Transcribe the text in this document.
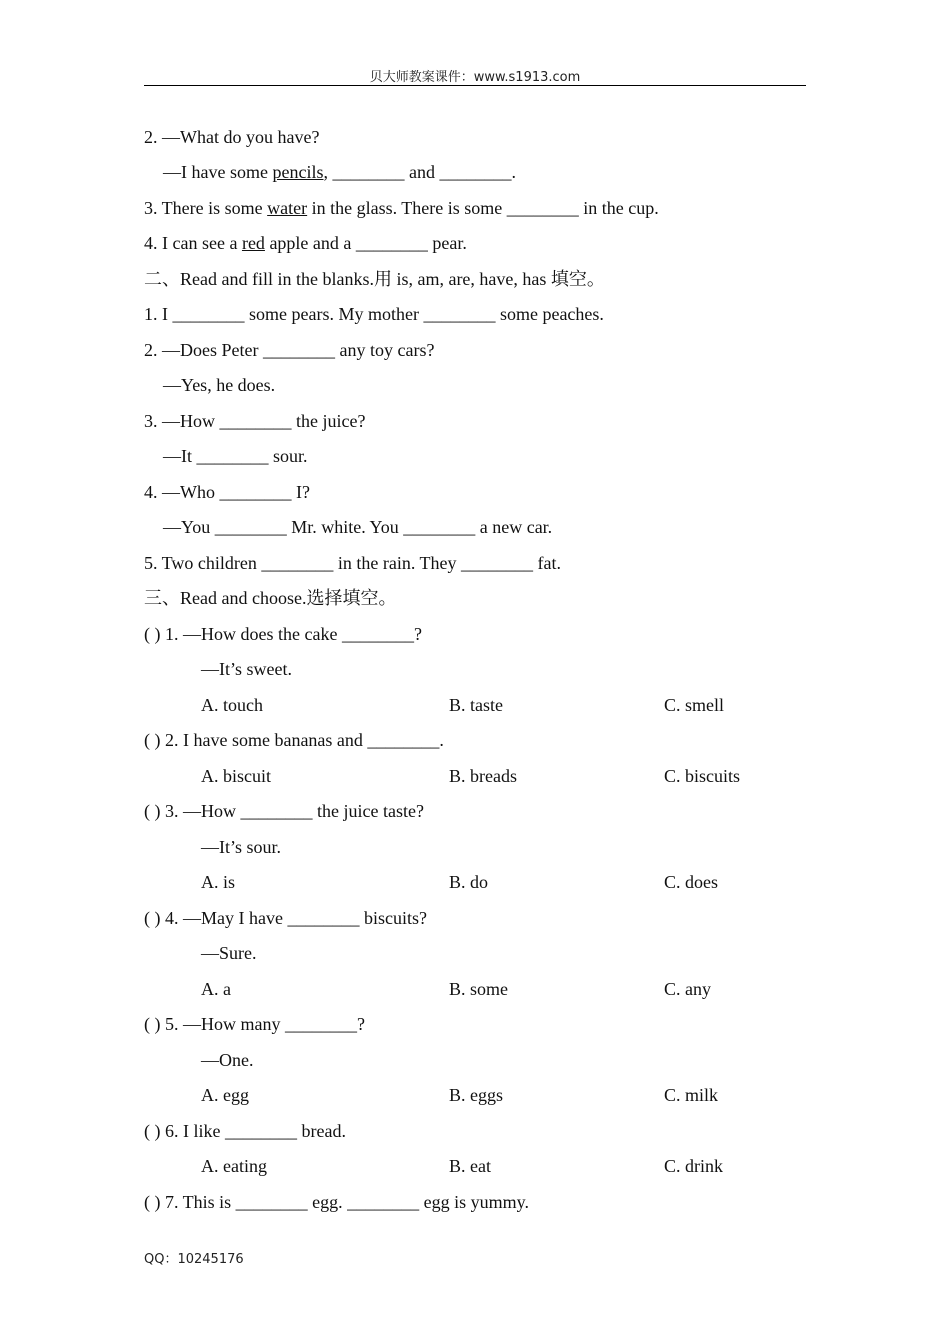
贝大师教案课件：www.s1913.com
2. —What do you have?
—I have some pencils, ________ and ________.
3. There is some water in the glass. There is some ________ in the cup.
4. I can see a red apple and a ________ pear.
二、Read and fill in the blanks.用 is, am, are, have, has 填空。
1. I ________ some pears. My mother ________ some peaches.
2. —Does Peter ________ any toy cars?
—Yes, he does.
3. —How ________ the juice?
—It ________ sour.
4. —Who ________ I?
—You ________ Mr. white. You ________ a new car.
5. Two children ________ in the rain. They ________ fat.
三、Read and choose.选择填空。
( ) 1. —How does the cake ________?
—It’s sweet.
A. touch	B. taste	C. smell
( ) 2. I have some bananas and ________.
A. biscuit	B. breads	C. biscuits
( ) 3. —How ________ the juice taste?
—It’s sour.
A. is	B. do	C. does
( ) 4. —May I have ________ biscuits?
—Sure.
A. a	B. some	C. any
( ) 5. —How many ________?
—One.
A. egg	B. eggs	C. milk
( ) 6. I like ________ bread.
A. eating	B. eat	C. drink
( ) 7. This is ________ egg. ________ egg is yummy.
QQ：10245176
